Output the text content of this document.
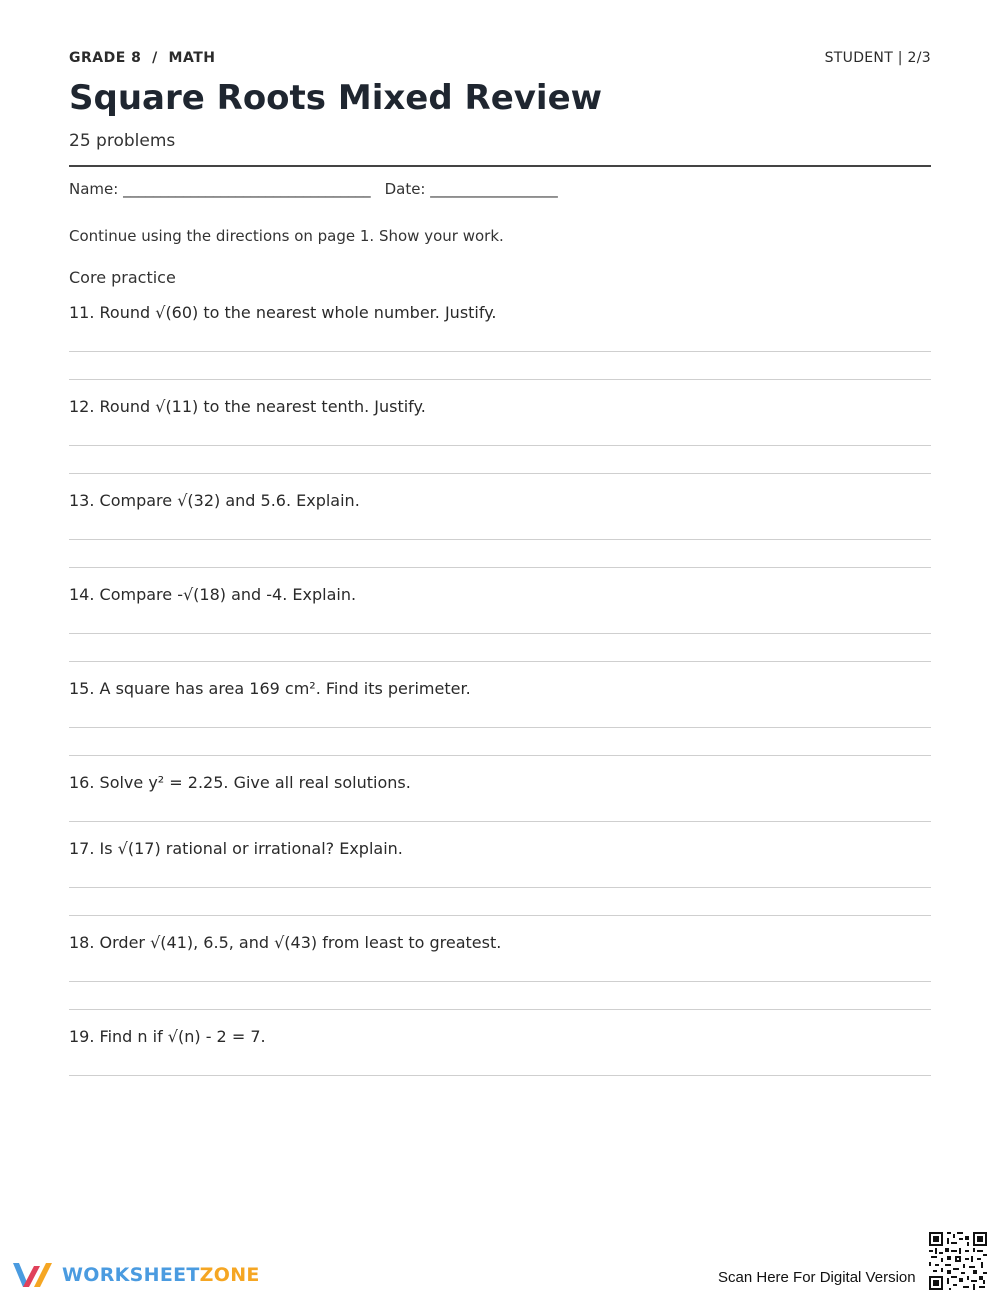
GRADE 8 / MATH	STUDENT | 2/3
Square Roots Mixed Review
25 problems
Name: _________________________________ Date: _________________
Continue using the directions on page 1. Show your work.
Core practice
11. Round √(60) to the nearest whole number. Justify.
12. Round √(11) to the nearest tenth. Justify.
13. Compare √(32) and 5.6. Explain.
14. Compare -√(18) and -4. Explain.
15. A square has area 169 cm². Find its perimeter.
16. Solve y² = 2.25. Give all real solutions.
17. Is √(17) rational or irrational? Explain.
18. Order √(41), 6.5, and √(43) from least to greatest.
19. Find n if √(n) - 2 = 7.
WORKSHEETZONE	Scan Here For Digital Version
